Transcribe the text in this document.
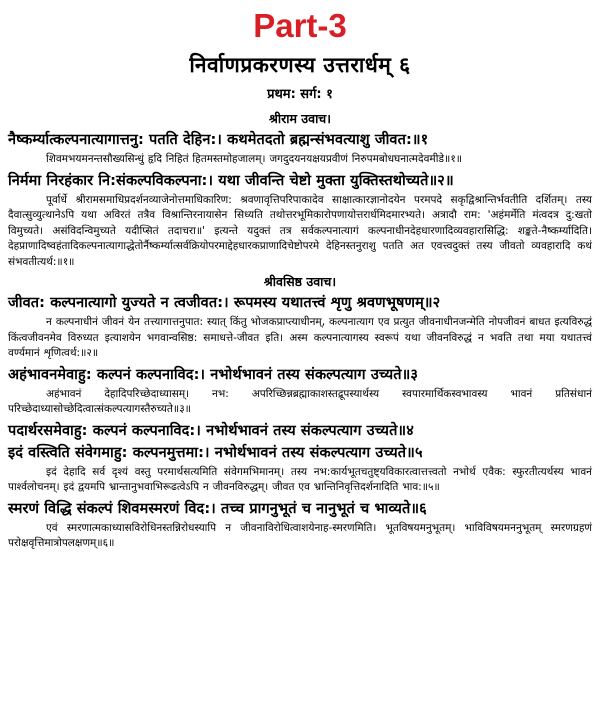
Part-3
निर्वाणप्रकरणस्य उत्तरार्धम् ६
प्रथम: सर्ग: १
श्रीराम उवाच।
नैष्कर्म्यात्कल्पनात्यागात्तनु: पतति देहिन:। कथमेतदतो ब्रह्मन्संभवत्याशु जीवत:॥१
शिवमभयमनन्तसौख्यसिन्धुं हृदि निहितं हितमस्तमोहजालम्। जगदुदयनयक्षयप्रवीणं निरुपमबोधघनात्मदेवमीडे॥१॥
निर्ममा निरहंकार नि:संकल्पविकल्पना:। यथा जीवन्ति चेष्टो मुक्ता युक्तिस्तथोच्यते॥२॥
पूर्वार्धे श्रीरामसमाधिप्रदर्शनव्याजेनोत्तमाधिकारिण: श्रवणावृत्तिपरिपाकादेव साक्षात्कारज्ञानोदयेन परमपदे सकृद्विश्रान्तिर्भवतीति दर्शितम्। तस्य दैवात्सुव्युत्थानेऽपि यथा अविरतं तत्रैव विश्रान्तिरनायासेन सिध्यति तथोत्तरभूमिकारोपणायोत्तरार्धमिदमारभ्यते। अत्रादौ राम: 'अहंमर्मेति मंत्वदत्र दु:खतो विमुच्यते। असंविदन्विमुच्यते यदीप्सितं तदाचरा॥' इत्यन्ते यदुक्तं तत्र सर्वकल्पनात्यागं कल्पनाधीनदेहधारणादिव्यवहारासिद्धि: शङ्कते-नैष्कर्म्यादिति। देहप्राणादिष्वहंतादिकल्पनात्यागाद्धेतोर्नैष्कर्म्यात्सर्वक्रियोपरमाद्देहधारकप्राणादिचेष्टोपरमे देहिनस्तनुराशु पतति अत एवत्त्वदुक्तं तस्य जीवतो व्यवहारादि कथं संभवतीत्यर्थ:॥१॥
श्रीवसिष्ठ उवाच।
जीवत: कल्पनात्यागो युज्यते न त्वजीवत:। रूपमस्य यथातत्त्वं शृणु श्रवणभूषणम्॥२
न कल्पनाधीनं जीवनं येन तत्त्यागात्तनुपात: स्यात् किंतु भोजकप्राप्त्याधीनम्, कल्पनात्याग एव प्रत्युत जीवनाधीनजन्मेति नोपजीवनं बाधत इत्यविरुद्धं किंत्वजीवनमेव विरुध्यत इत्याशयेन भगवान्वसिष्ठ: समाधत्ते-जीवत इति। अस्म कल्पनात्यागस्य स्वरूपं यथा जीवनविरुद्धं न भवति तथा मया यथातत्त्वं वर्ण्यमानं शृणित्वर्थ:॥२॥
अहंभावनमेवाहु: कल्पनं कल्पनाविद:। नभोर्थभावनं तस्य संकल्पत्याग उच्यते॥३
अहंभावनं देहादिपरिच्छेदाध्यासम्। नभ: अपरिच्छिन्नब्रह्माकाशस्तद्रूपस्यार्थस्य स्वपारमार्थिकस्वभावस्य भावनं प्रतिसंधानं परिच्छेदाध्यासोच्छेदित्वात्संकल्पत्यागस्तैरुच्यते॥३॥
पदार्थरसमेवाहु: कल्पनं कल्पनाविद:। नभोर्थभावनं तस्य संकल्पत्याग उच्यते॥४
इदं वस्त्विति संवेगमाहु: कल्पनमुत्तमा:। नभोर्थभावनं तस्य संकल्पत्याग उच्यते॥५
इदं देहादि सर्व दृश्यं वस्तु परमार्थसत्यमिति संवेगमभिमानम्। तस्य नभ:कार्यभूतचतुष्ट्यविकारत्वात्तत्त्वतो नभोर्थ एवैक: स्फुरतीत्यर्थस्य भावनं पार्श्वलोचनम्। इदं द्वयमपि भ्रान्तानुभवाभिरूढत्वेऽपि न जीवनविरुद्धम्। जीवत एव भ्रान्तिनिवृत्तिदर्शनादिति भाव:॥५॥
स्मरणं विद्धि संकल्पं शिवमस्मरणं विद:। तच्च प्रागनुभूतं च नानुभूतं च भाव्यते॥६
एवं स्मरणात्मकाध्यासविरोधिनस्तन्निरोधस्यापि न जीवनाविरोधित्वाशयेनाह-स्मरणमिति। भूतविषयमनुभूतम्। भाविविषयमननुभूतम् स्मरणग्रहणं परोक्षवृत्तिमात्रोपलक्षणम्॥६॥
